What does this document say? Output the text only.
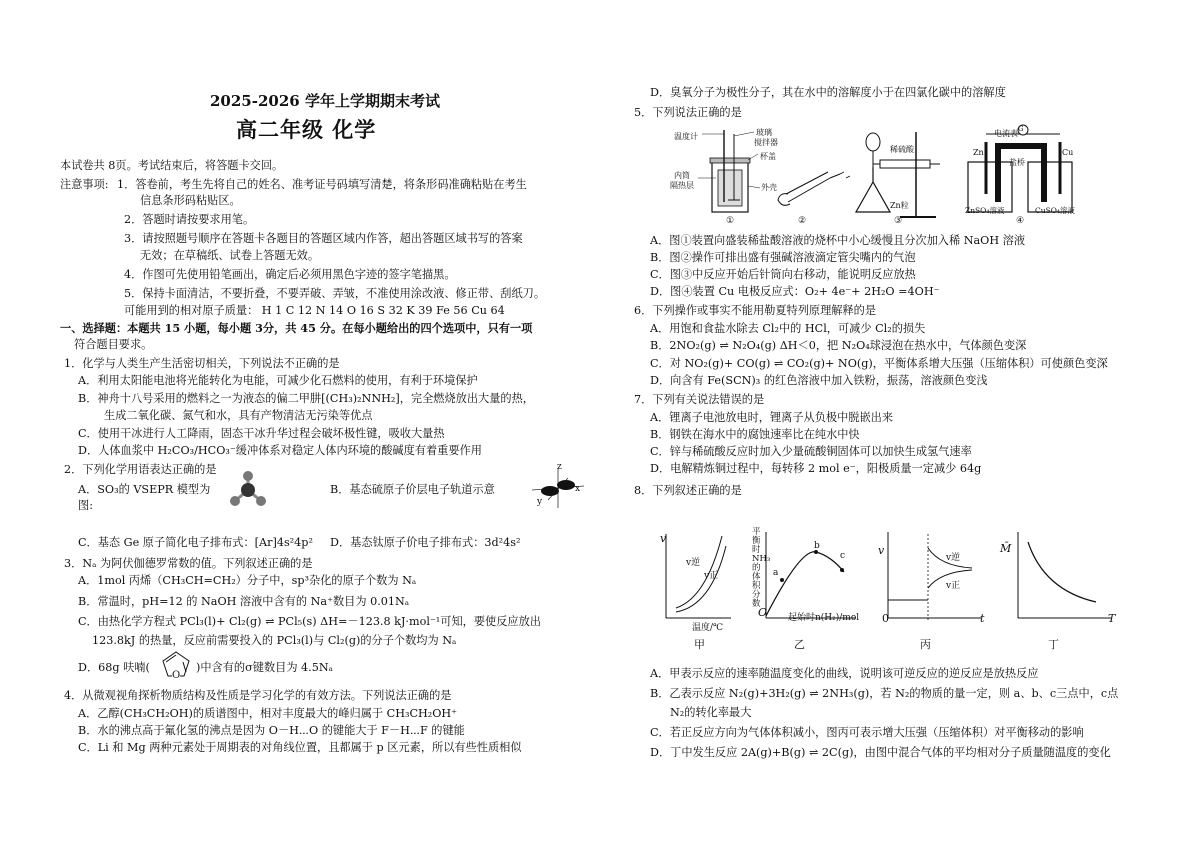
2025-2026 学年上学期期末考试
高二年级 化学
本试卷共 8页。考试结束后，将答题卡交回。
注意事项: 1．答卷前，考生先将自己的姓名、准考证号码填写清楚，将条形码准确粘贴在考生
信息条形码粘贴区。
2．答题时请按要求用笔。
3．请按照题号顺序在答题卡各题目的答题区域内作答，超出答题区域书写的答案
无效；在草稿纸、试卷上答题无效。
4．作图可先使用铅笔画出，确定后必须用黑色字迹的签字笔描黑。
5．保持卡面清洁，不要折叠，不要弄破、弄皱，不准使用涂改液、修正带、刮纸刀。
可能用到的相对原子质量： H 1 C 12 N 14 O 16 S 32 K 39 Fe 56 Cu 64
一、选择题：本题共 15 小题，每小题 3分，共 45 分。在每小题给出的四个选项中，只有一项
符合题目要求。
1．化学与人类生产生活密切相关，下列说法不正确的是
A．利用太阳能电池将光能转化为电能，可减少化石燃料的使用，有利于环境保护
B．神舟十八号采用的燃料之一为液态的偏二甲肼[(CH₃)₂NNH₂]，完全燃烧放出大量的热，
生成二氧化碳、氮气和水，具有产物清洁无污染等优点
C．使用干冰进行人工降雨，固态干冰升华过程会破坏极性键，吸收大量热
D．人体血浆中 H₂CO₃/HCO₃⁻缓冲体系对稳定人体内环境的酸碱度有着重要作用
2．下列化学用语表达正确的是
A．SO₃的 VSEPR 模型为
图:
B．基态硫原子价层电子轨道示意
z
x
y
C．基态 Ge 原子简化电子排布式：[Ar]4s²4p² D．基态钛原子价电子排布式：3d²4s²
3．Nₐ 为阿伏伽德罗常数的值。下列叙述正确的是
A．1mol 丙烯（CH₃CH=CH₂）分子中，sp³杂化的原子个数为 Nₐ
B．常温时，pH=12 的 NaOH 溶液中含有的 Na⁺数目为 0.01Nₐ
C．由热化学方程式 PCl₃(l)+ Cl₂(g) ⇌ PCl₅(s) ΔH=－123.8 kJ·mol⁻¹可知，要使反应放出
123.8kJ 的热量，反应前需要投入的 PCl₃(l)与 Cl₂(g)的分子个数均为 Nₐ
D．68g 呋喃(
O
)中含有的σ键数目为 4.5Nₐ
4．从微观视角探析物质结构及性质是学习化学的有效方法。下列说法正确的是
A．乙醇(CH₃CH₂OH)的质谱图中，相对丰度最大的峰归属于 CH₃CH₂OH⁺
B．水的沸点高于氟化氢的沸点是因为 O－H⋯O 的键能大于 F－H⋯F 的键能
C．Li 和 Mg 两种元素处于周期表的对角线位置，且都属于 p 区元素，所以有些性质相似
D．臭氧分子为极性分子，其在水中的溶解度小于在四氯化碳中的溶解度
5．下列说法正确的是
温度计	玻璃
搅拌器
杯盖
内筒
隔热层	外壳
稀硫酸
Zn粒
电流表
盐桥
Zn	Cu
ZnSO₄溶液	CuSO₄溶液
G
①	②	③	④
A．图①装置向盛装稀盐酸溶液的烧杯中小心缓慢且分次加入稀 NaOH 溶液
B．图②操作可排出盛有强碱溶液滴定管尖嘴内的气泡
C．图③中反应开始后针筒向右移动，能说明反应放热
D．图④装置 Cu 电极反应式：O₂+ 4e⁻+ 2H₂O =4OH⁻
6．下列操作或事实不能用勒夏特列原理解释的是
A．用饱和食盐水除去 Cl₂中的 HCl，可减少 Cl₂的损失
B．2NO₂(g) ⇌ N₂O₄(g) ΔH＜0，把 N₂O₄球浸泡在热水中，气体颜色变深
C．对 NO₂(g)+ CO(g) ⇌ CO₂(g)+ NO(g)，平衡体系增大压强（压缩体积）可使颜色变深
D．向含有 Fe(SCN)₃ 的红色溶液中加入铁粉，振荡，溶液颜色变浅
7．下列有关说法错误的是
A．锂离子电池放电时，锂离子从负极中脱嵌出来
B．钢铁在海水中的腐蚀速率比在纯水中快
C．锌与稀硫酸反应时加入少量硫酸铜固体可以加快生成氢气速率
D．电解精炼铜过程中，每转移 2 mol e⁻，阳极质量一定减少 64g
8．下列叙述正确的是
v
v逆
v正
温度/℃
甲
平衡时NH₃的体积分数
O
a
b
c
起始时n(H₂)/mol
乙
v
v逆
v正
0	t
丙
M̄
T
丁
A．甲表示反应的速率随温度变化的曲线，说明该可逆反应的逆反应是放热反应
B．乙表示反应 N₂(g)+3H₂(g) ⇌ 2NH₃(g)，若 N₂的物质的量一定，则 a、b、c三点中，c点
N₂的转化率最大
C．若正反应方向为气体体积减小，图丙可表示增大压强（压缩体积）对平衡移动的影响
D．丁中发生反应 2A(g)+B(g) ⇌ 2C(g)，由图中混合气体的平均相对分子质量随温度的变化
